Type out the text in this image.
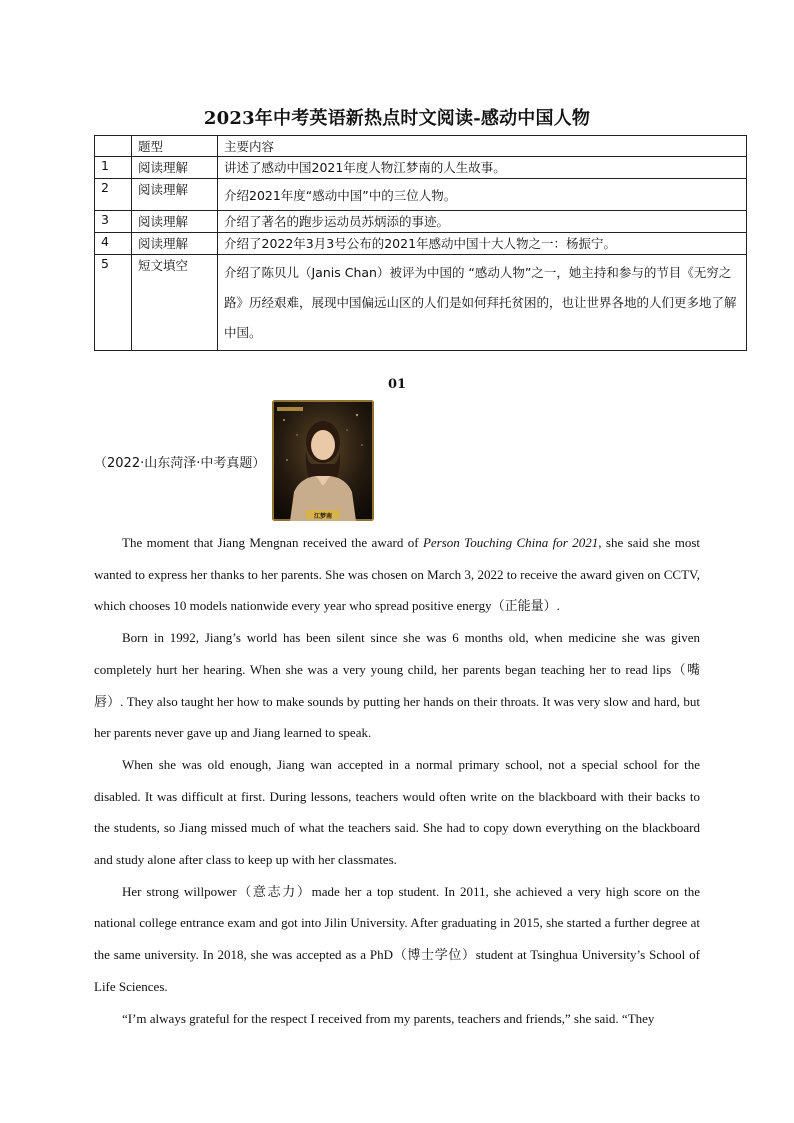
2023年中考英语新热点时文阅读-感动中国人物
	题型	主要内容
1	阅读理解	讲述了感动中国2021年度人物江梦南的人生故事。
2	阅读理解	介绍2021年度“感动中国”中的三位人物。
3	阅读理解	介绍了著名的跑步运动员苏炳添的事迹。
4	阅读理解	介绍了2022年3月3号公布的2021年感动中国十大人物之一：杨振宁。
5	短文填空	介绍了陈贝儿（Janis Chan）被评为中国的 “感动人物”之一，她主持和参与的节目《无穷之路》历经艰难，展现中国偏远山区的人们是如何拜托贫困的，也让世界各地的人们更多地了解中国。
01
（2022·山东菏泽·中考真题）
江梦南

The moment that Jiang Mengnan received the award of Person Touching China for 2021, she said she most wanted to express her thanks to her parents. She was chosen on March 3, 2022 to receive the award given on CCTV, which chooses 10 models nationwide every year who spread positive energy（正能量）.

Born in 1992, Jiang’s world has been silent since she was 6 months old, when medicine she was given completely hurt her hearing. When she was a very young child, her parents began teaching her to read lips（嘴唇）. They also taught her how to make sounds by putting her hands on their throats. It was very slow and hard, but her parents never gave up and Jiang learned to speak.

When she was old enough, Jiang wan accepted in a normal primary school, not a special school for the disabled. It was difficult at first. During lessons, teachers would often write on the blackboard with their backs to the students, so Jiang missed much of what the teachers said. She had to copy down everything on the blackboard and study alone after class to keep up with her classmates.

Her strong willpower（意志力）made her a top student. In 2011, she achieved a very high score on the national college entrance exam and got into Jilin University. After graduating in 2015, she started a further degree at the same university. In 2018, she was accepted as a PhD（博士学位）student at Tsinghua University’s School of Life Sciences.

“I’m always grateful for the respect I received from my parents, teachers and friends,” she said. “They
